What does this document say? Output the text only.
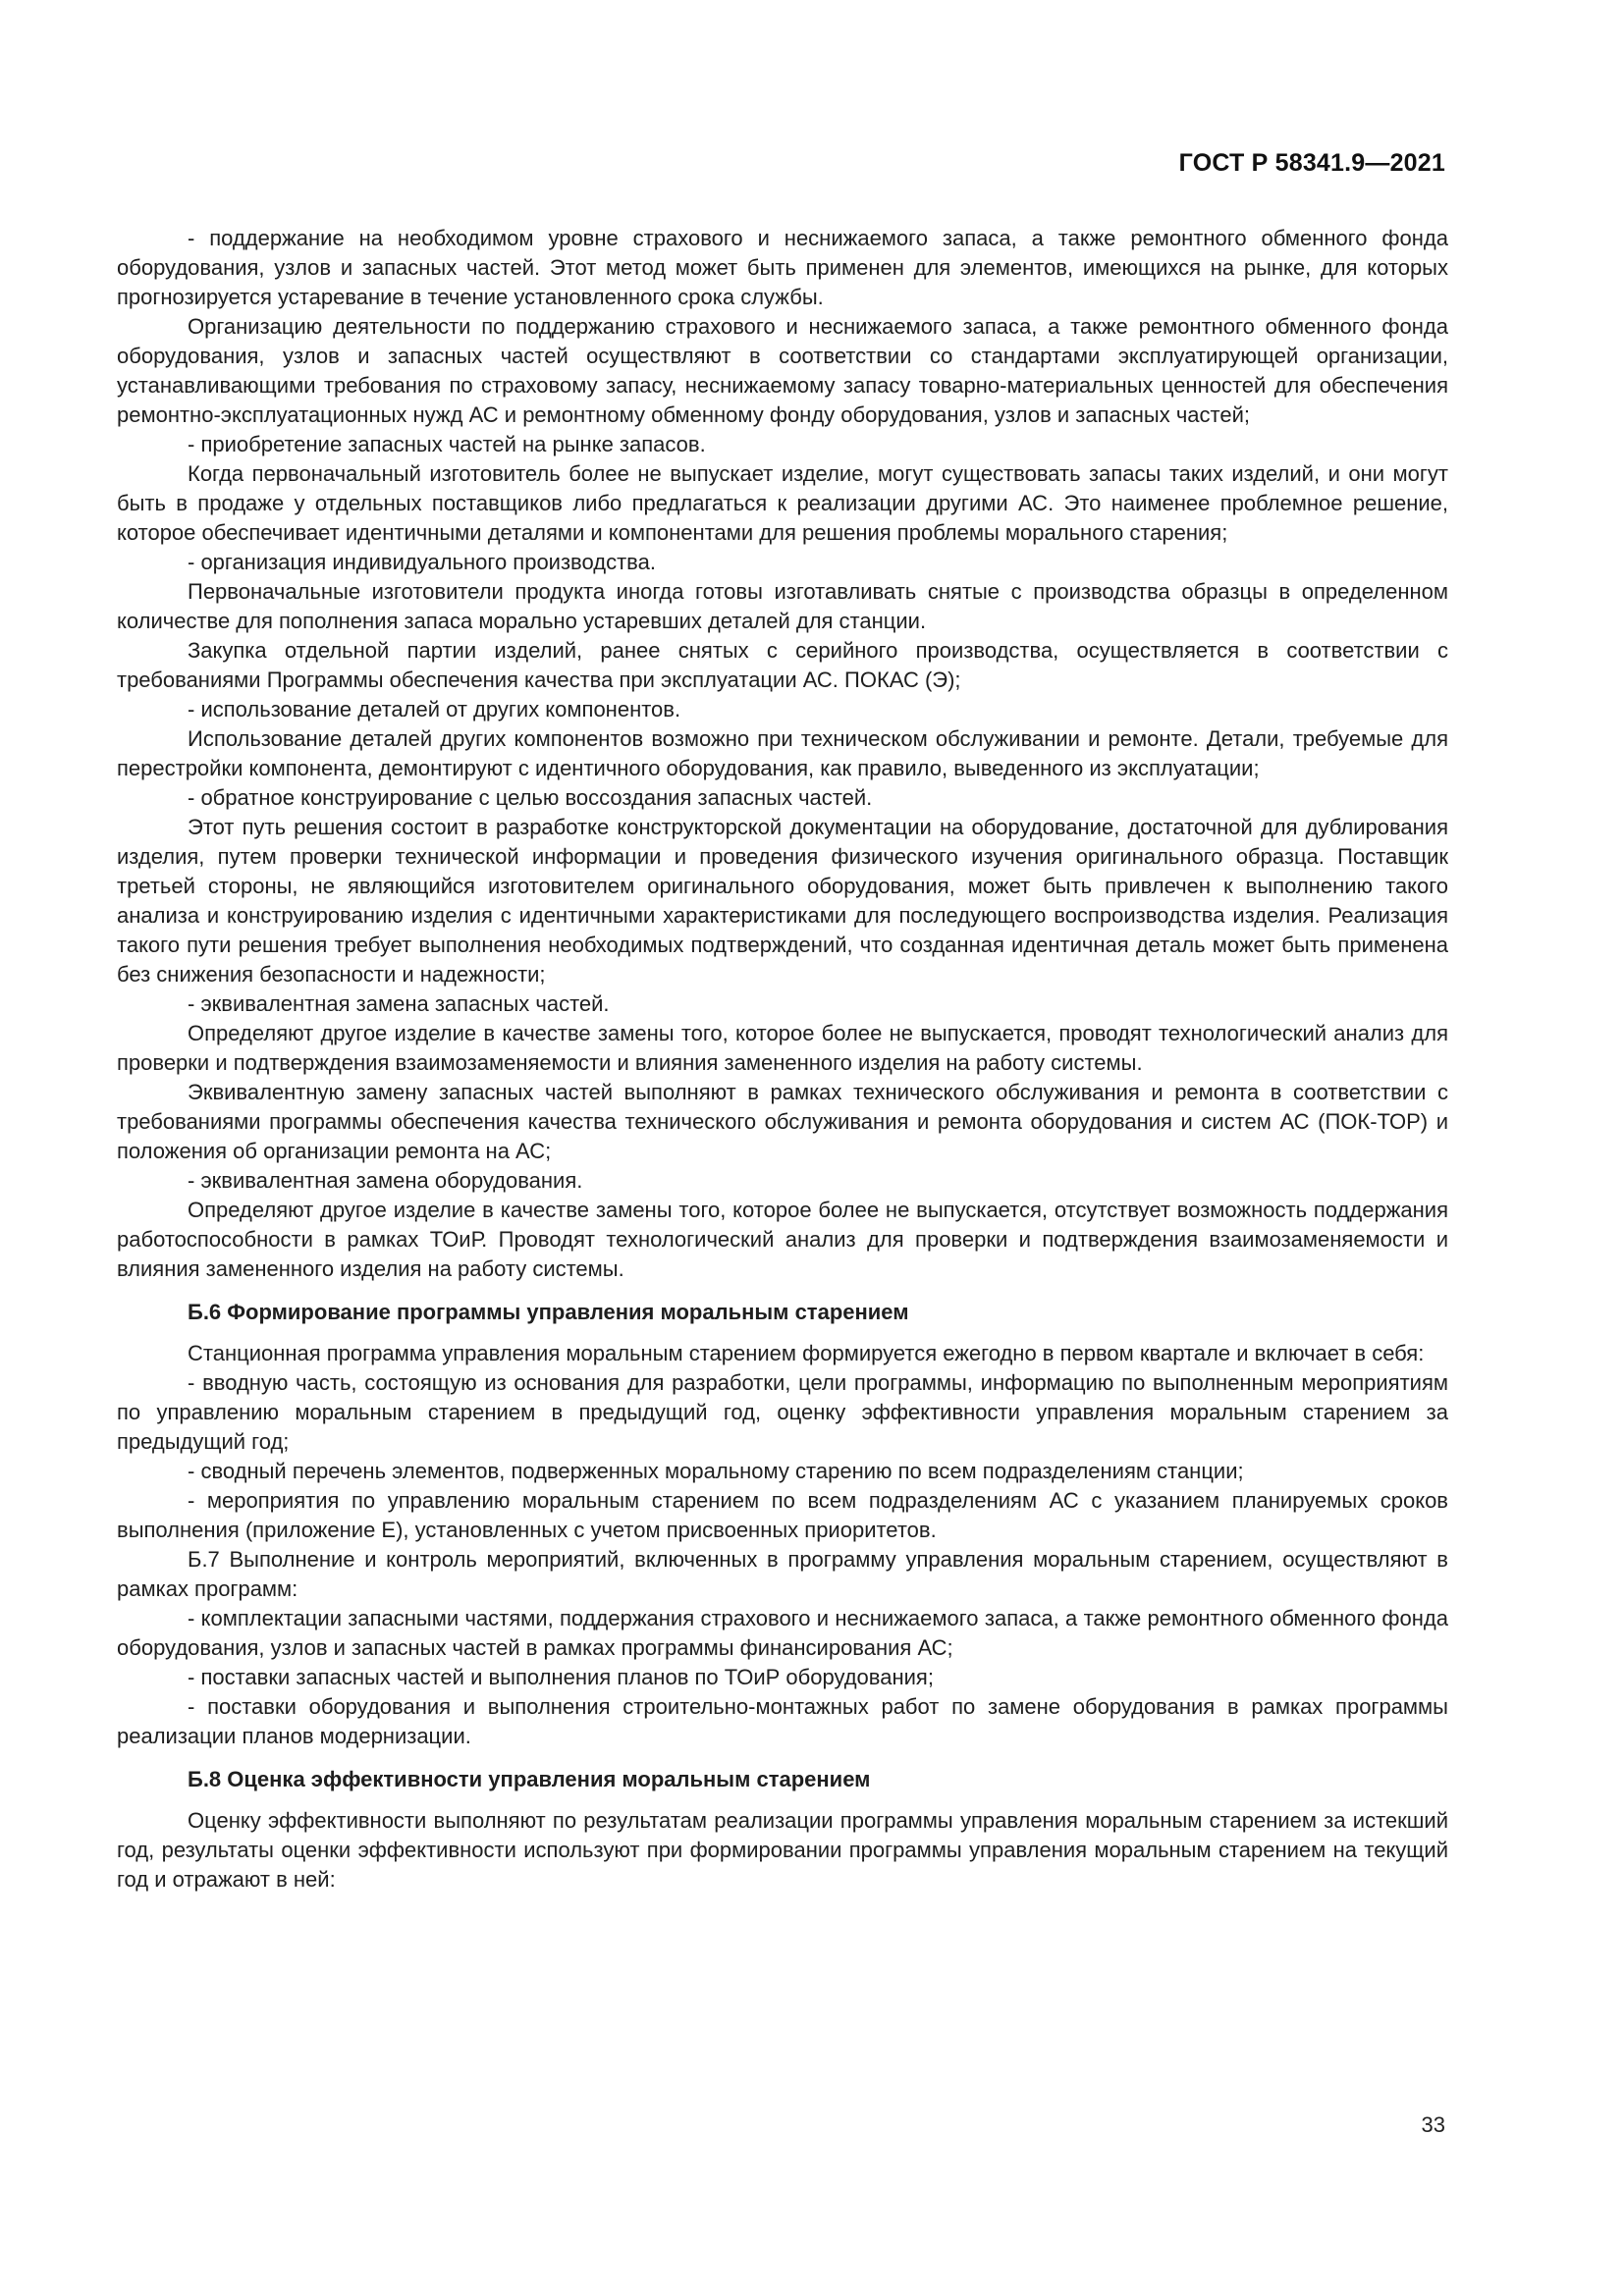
ГОСТ Р 58341.9—2021

- поддержание на необходимом уровне страхового и неснижаемого запаса, а также ремонтного обменного фонда оборудования, узлов и запасных частей. Этот метод может быть применен для элементов, имеющихся на рынке, для которых прогнозируется устаревание в течение установленного срока службы.

Организацию деятельности по поддержанию страхового и неснижаемого запаса, а также ремонтного обменного фонда оборудования, узлов и запасных частей осуществляют в соответствии со стандартами эксплуатирующей организации, устанавливающими требования по страховому запасу, неснижаемому запасу товарно-материальных ценностей для обеспечения ремонтно-эксплуатационных нужд АС и ремонтному обменному фонду оборудования, узлов и запасных частей;

- приобретение запасных частей на рынке запасов.

Когда первоначальный изготовитель более не выпускает изделие, могут существовать запасы таких изделий, и они могут быть в продаже у отдельных поставщиков либо предлагаться к реализации другими АС. Это наименее проблемное решение, которое обеспечивает идентичными деталями и компонентами для решения проблемы морального старения;

- организация индивидуального производства.

Первоначальные изготовители продукта иногда готовы изготавливать снятые с производства образцы в определенном количестве для пополнения запаса морально устаревших деталей для станции.

Закупка отдельной партии изделий, ранее снятых с серийного производства, осуществляется в соответствии с требованиями Программы обеспечения качества при эксплуатации АС. ПОКАС (Э);

- использование деталей от других компонентов.

Использование деталей других компонентов возможно при техническом обслуживании и ремонте. Детали, требуемые для перестройки компонента, демонтируют с идентичного оборудования, как правило, выведенного из эксплуатации;

- обратное конструирование с целью воссоздания запасных частей.

Этот путь решения состоит в разработке конструкторской документации на оборудование, достаточной для дублирования изделия, путем проверки технической информации и проведения физического изучения оригинального образца. Поставщик третьей стороны, не являющийся изготовителем оригинального оборудования, может быть привлечен к выполнению такого анализа и конструированию изделия с идентичными характеристиками для последующего воспроизводства изделия. Реализация такого пути решения требует выполнения необходимых подтверждений, что созданная идентичная деталь может быть применена без снижения безопасности и надежности;

- эквивалентная замена запасных частей.

Определяют другое изделие в качестве замены того, которое более не выпускается, проводят технологический анализ для проверки и подтверждения взаимозаменяемости и влияния замененного изделия на работу системы.

Эквивалентную замену запасных частей выполняют в рамках технического обслуживания и ремонта в соответствии с требованиями программы обеспечения качества технического обслуживания и ремонта оборудования и систем АС (ПОК-ТОР) и положения об организации ремонта на АС;

- эквивалентная замена оборудования.

Определяют другое изделие в качестве замены того, которое более не выпускается, отсутствует возможность поддержания работоспособности в рамках ТОиР. Проводят технологический анализ для проверки и подтверждения взаимозаменяемости и влияния замененного изделия на работу системы.

Б.6 Формирование программы управления моральным старением

Станционная программа управления моральным старением формируется ежегодно в первом квартале и включает в себя:

- вводную часть, состоящую из основания для разработки, цели программы, информацию по выполненным мероприятиям по управлению моральным старением в предыдущий год, оценку эффективности управления моральным старением за предыдущий год;

- сводный перечень элементов, подверженных моральному старению по всем подразделениям станции;

- мероприятия по управлению моральным старением по всем подразделениям АС с указанием планируемых сроков выполнения (приложение Е), установленных с учетом присвоенных приоритетов.

Б.7 Выполнение и контроль мероприятий, включенных в программу управления моральным старением, осуществляют в рамках программ:

- комплектации запасными частями, поддержания страхового и неснижаемого запаса, а также ремонтного обменного фонда оборудования, узлов и запасных частей в рамках программы финансирования АС;

- поставки запасных частей и выполнения планов по ТОиР оборудования;

- поставки оборудования и выполнения строительно-монтажных работ по замене оборудования в рамках программы реализации планов модернизации.

Б.8 Оценка эффективности управления моральным старением

Оценку эффективности выполняют по результатам реализации программы управления моральным старением за истекший год, результаты оценки эффективности используют при формировании программы управления моральным старением на текущий год и отражают в ней:

33
